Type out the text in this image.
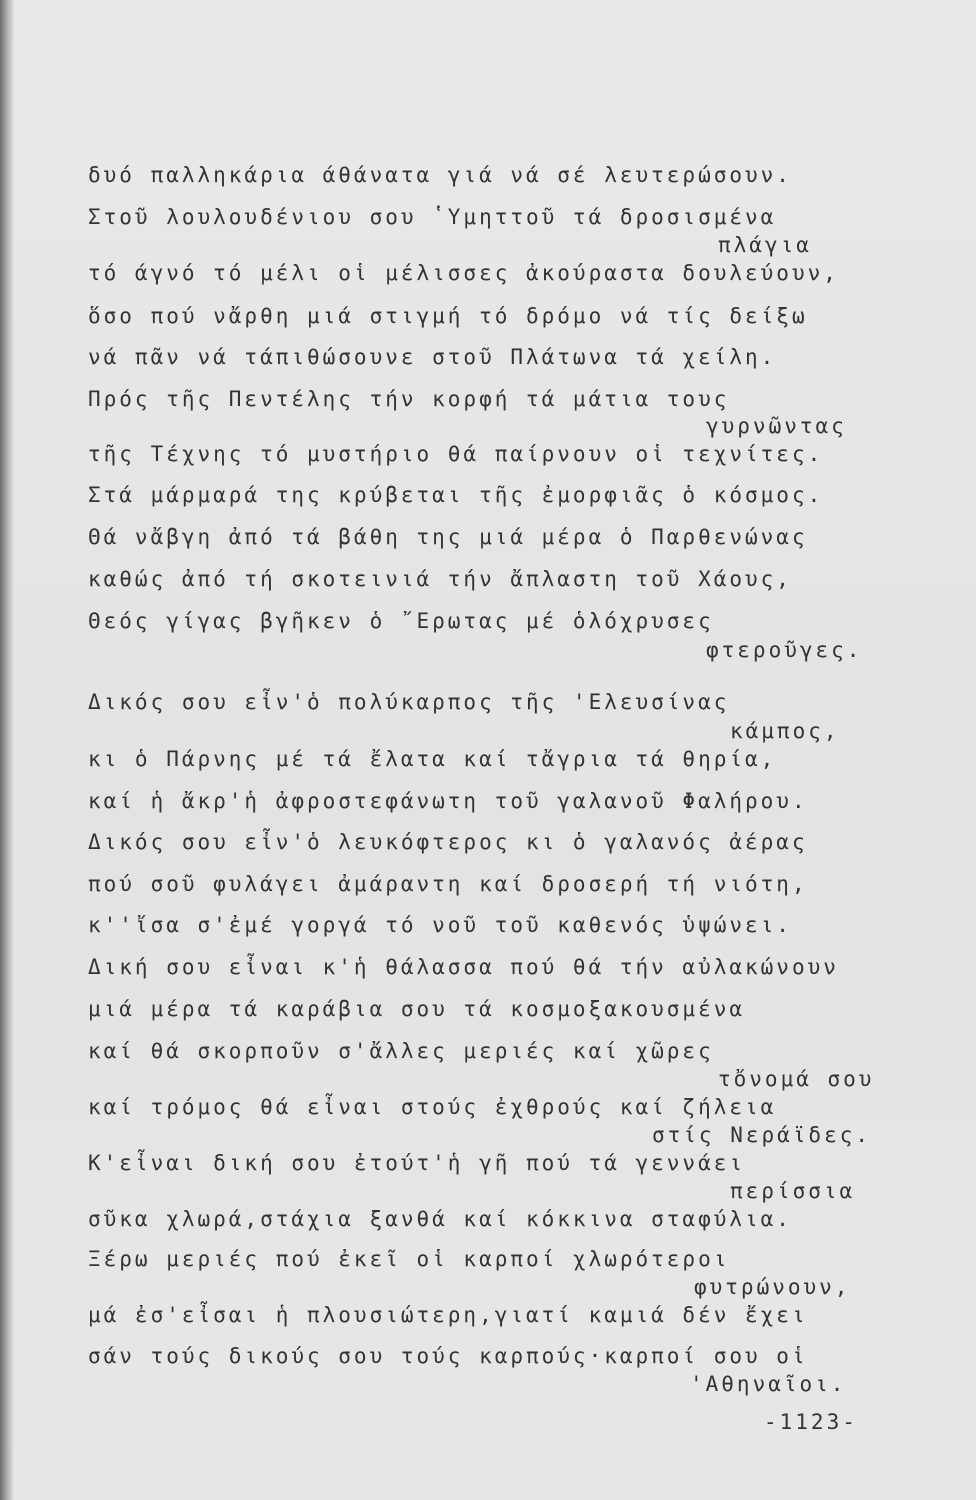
δυό παλληκάρια άθάνατα γιά νά σέ λευτερώσουν.
Στοῦ λουλουδένιου σου ʽΥμηττοῦ τά δροσισμένα
πλάγια
τό άγνό τό μέλι οἱ μέλισσες ἀκούραστα δουλεύουν,
ὅσο πού νἄρθη μιά στιγμή τό δρόμο νά τίς δείξω
νά πᾶν νά τάπιθώσουνε στοῦ Πλάτωνα τά χείλη.
Πρός τῆς Πεντέλης τήν κορφή τά μάτια τους
γυρνῶντας
τῆς Τέχνης τό μυστήριο θά παίρνουν οἱ τεχνίτες.
Στά μάρμαρά της κρύβεται τῆς ἐμορφιᾶς ὁ κόσμος.
Θά νἄβγη ἀπό τά βάθη της μιά μέρα ὁ Παρθενώνας
καθώς ἀπό τή σκοτεινιά τήν ἄπλαστη τοῦ Χάους,
Θεός γίγας βγῆκεν ὁ ῎Ερωτας μέ ὁλόχρυσες
φτεροῦγες.
Δικός σου εἶν'ὁ πολύκαρπος τῆς 'Ελευσίνας
κάμπος,
κι ὁ Πάρνης μέ τά ἔλατα καί τἄγρια τά θηρία,
καί ἡ ἄκρ'ἡ ἀφροστεφάνωτη τοῦ γαλανοῦ Φαλήρου.
Δικός σου εἶν'ὁ λευκόφτερος κι ὁ γαλανός ἀέρας
πού σοῦ φυλάγει ἀμάραντη καί δροσερή τή νιότη,
κ''ἴσα σ'ἐμέ γοργά τό νοῦ τοῦ καθενός ὑψώνει.
Δική σου εἶναι κ'ἡ θάλασσα πού θά τήν αὐλακώνουν
μιά μέρα τά καράβια σου τά κοσμοξακουσμένα
καί θά σκορποῦν σ'ἄλλες μεριές καί χῶρες
τὄνομά σου
καί τρόμος θά εἶναι στούς ἐχθρούς καί ζήλεια
στίς Νεράϊδες.
Κ'εἶναι δική σου ἐτούτ'ἡ γῆ πού τά γεννάει
περίσσια
σῦκα χλωρά,στάχια ξανθά καί κόκκινα σταφύλια.
Ξέρω μεριές πού ἐκεῖ οἱ καρποί χλωρότεροι
φυτρώνουν,
μά ἐσ'εἶσαι ἡ πλουσιώτερη,γιατί καμιά δέν ἔχει
σάν τούς δικούς σου τούς καρπούς·καρποί σου οἱ
'Αθηναῖοι.
-1123-
